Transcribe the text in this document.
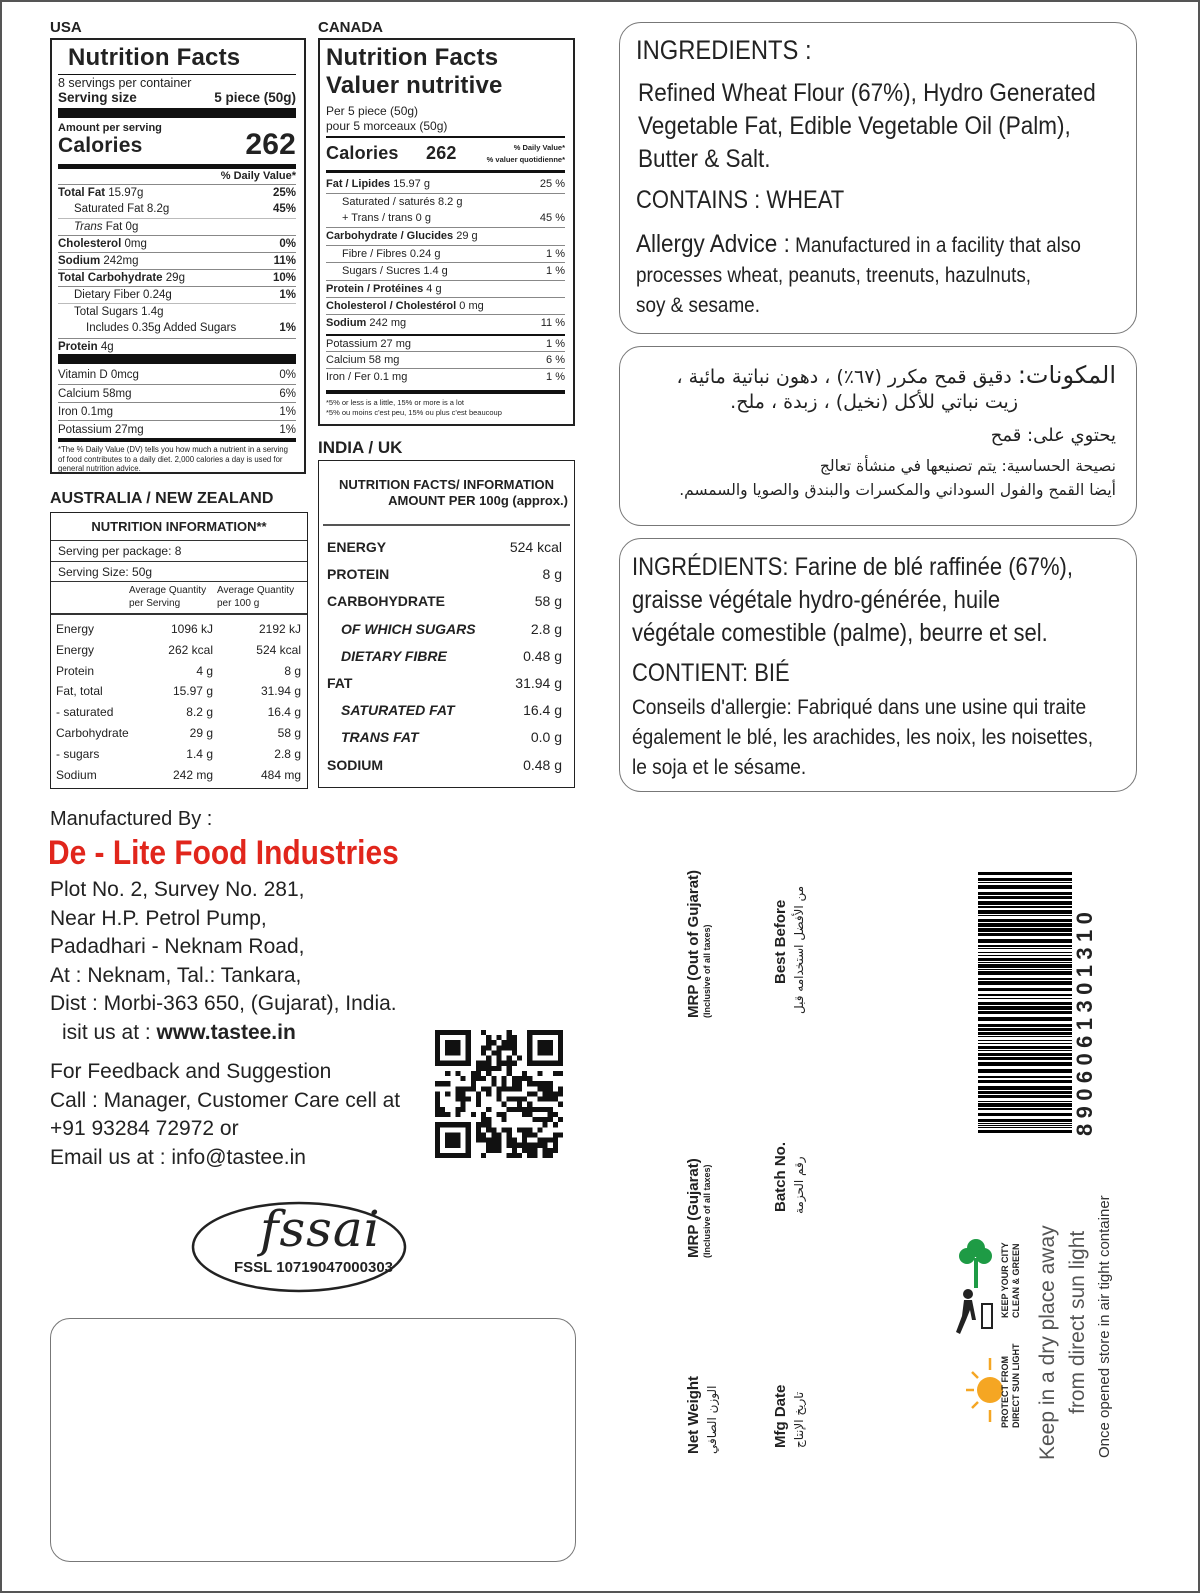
USA
Nutrition Facts
8 servings per container
Serving size	5 piece (50g)
Amount per serving
Calories	262
% Daily Value*
Total Fat 15.97g	25%
Saturated Fat 8.2g	45%
Trans Fat 0g
Cholesterol 0mg	0%
Sodium 242mg	11%
Total Carbohydrate 29g	10%
Dietary Fiber 0.24g	1%
Total Sugars 1.4g
Includes 0.35g Added Sugars	1%
Protein 4g
Vitamin D 0mcg	0%
Calcium 58mg	6%
Iron 0.1mg	1%
Potassium 27mg	1%
*The % Daily Value (DV) tells you how much a nutrient in a serving of food contributes to a daily diet. 2,000 calories a day is used for general nutrition advice.
CANADA
Nutrition Facts
Valuer nutritive
Per 5 piece (50g)
pour 5 morceaux (50g)
Calories 262	% Daily Value*
% valuer quotidienne*
Fat / Lipides 15.97 g	25 %
Saturated / saturés 8.2 g
+ Trans / trans 0 g	45 %
Carbohydrate / Glucides 29 g
Fibre / Fibres 0.24 g	1 %
Sugars / Sucres 1.4 g	1 %
Protein / Protéines 4 g
Cholesterol / Cholestérol 0 mg
Sodium 242 mg	11 %
Potassium 27 mg	1 %
Calcium 58 mg	6 %
Iron / Fer 0.1 mg	1 %
*5% or less is a little, 15% or more is a lot
*5% ou moins c'est peu, 15% ou plus c'est beaucoup
INDIA / UK
NUTRITION FACTS/ INFORMATION
AMOUNT PER 100g (approx.)
ENERGY	524 kcal
PROTEIN	8 g
CARBOHYDRATE	58 g
OF WHICH SUGARS	2.8 g
DIETARY FIBRE	0.48 g
FAT	31.94 g
SATURATED FAT	16.4 g
TRANS FAT	0.0 g
SODIUM	0.48 g
AUSTRALIA / NEW ZEALAND
NUTRITION INFORMATION**
Serving per package: 8
Serving Size: 50g
Average Quantity per Serving
Average Quantity per 100 g
Energy	1096 kJ	2192 kJ
Energy	262 kcal	524 kcal
Protein	4 g	8 g
Fat, total	15.97 g	31.94 g
- saturated	8.2 g	16.4 g
Carbohydrate	29 g	58 g
- sugars	1.4 g	2.8 g
Sodium	242 mg	484 mg
INGREDIENTS :
Refined Wheat Flour (67%), Hydro Generated
Vegetable Fat, Edible Vegetable Oil (Palm),
Butter & Salt.
CONTAINS : WHEAT
Allergy Advice : Manufactured in a facility that also
processes wheat, peanuts, treenuts, hazulnuts,
soy & sesame.
المكونات: دقيق قمح مكرر (٦٧٪) ، دهون نباتية مائية ،
زيت نباتي للأكل (نخيل) ، زبدة ، ملح.
يحتوي على: قمح
نصيحة الحساسية: يتم تصنيعها في منشأة تعالج
أيضا القمح والفول السوداني والمكسرات والبندق والصويا والسمسم.
INGRÉDIENTS: Farine de blé raffinée (67%),
graisse végétale hydro-générée, huile
végétale comestible (palme), beurre et sel.
CONTIENT: BIÉ
Conseils d'allergie: Fabriqué dans une usine qui traite
également le blé, les arachides, les noix, les noisettes,
le soja et le sésame.
Manufactured By :
De - Lite Food Industries
Plot No. 2, Survey No. 281,
Near H.P. Petrol Pump,
Padadhari - Neknam Road,
At : Neknam, Tal.: Tankara,
Dist : Morbi-363 650, (Gujarat), India.
isit us at : www.tastee.in
For Feedback and Suggestion
Call : Manager, Customer Care cell at
+91 93284 72972 or
Email us at : info@tastee.in
fssai
FSSL 10719047000303
MRP (Out of Gujarat) (Inclusive of all taxes)	Best Before من الأفضل استخدامه قبل
MRP (Gujarat) (Inclusive of all taxes)	Batch No. رقم الحزمة
Net Weight الوزن الصافي	Mfg Date تاريخ الإنتاج
8906061301310
KEEP YOUR CITY CLEAN & GREEN
PROTECT FROM DIRECT SUN LIGHT Keep in a dry place away from direct sun light Once opened store in air tight container
